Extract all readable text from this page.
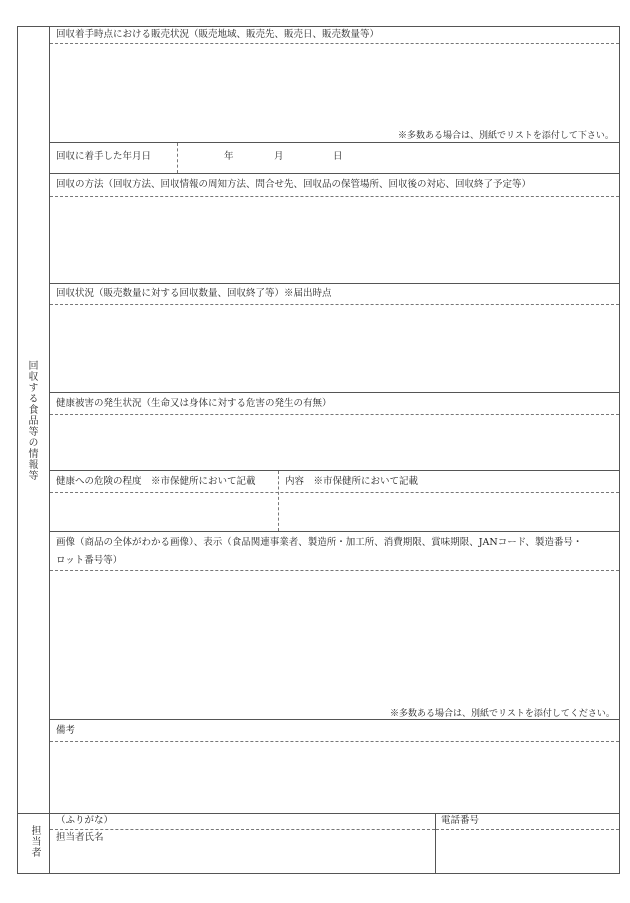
回収する食品等の情報等
回収着手時点における販売状況（販売地域、販売先、販売日、販売数量等）
※多数ある場合は、別紙でリストを添付して下さい。
回収に着手した年月日	年	月	日
回収の方法（回収方法、回収情報の周知方法、問合せ先、回収品の保管場所、回収後の対応、回収終了予定等）
回収状況（販売数量に対する回収数量、回収終了等）※届出時点
健康被害の発生状況（生命又は身体に対する危害の発生の有無）
健康への危険の程度　※市保健所において記載	内容　※市保健所において記載
画像（商品の全体がわかる画像）、表示（食品関連事業者、製造所・加工所、消費期限、賞味期限、JANコード、製造番号・
ロット番号等）
※多数ある場合は、別紙でリストを添付してください。
備考
担当者
（ふりがな）
担当者氏名
電話番号
